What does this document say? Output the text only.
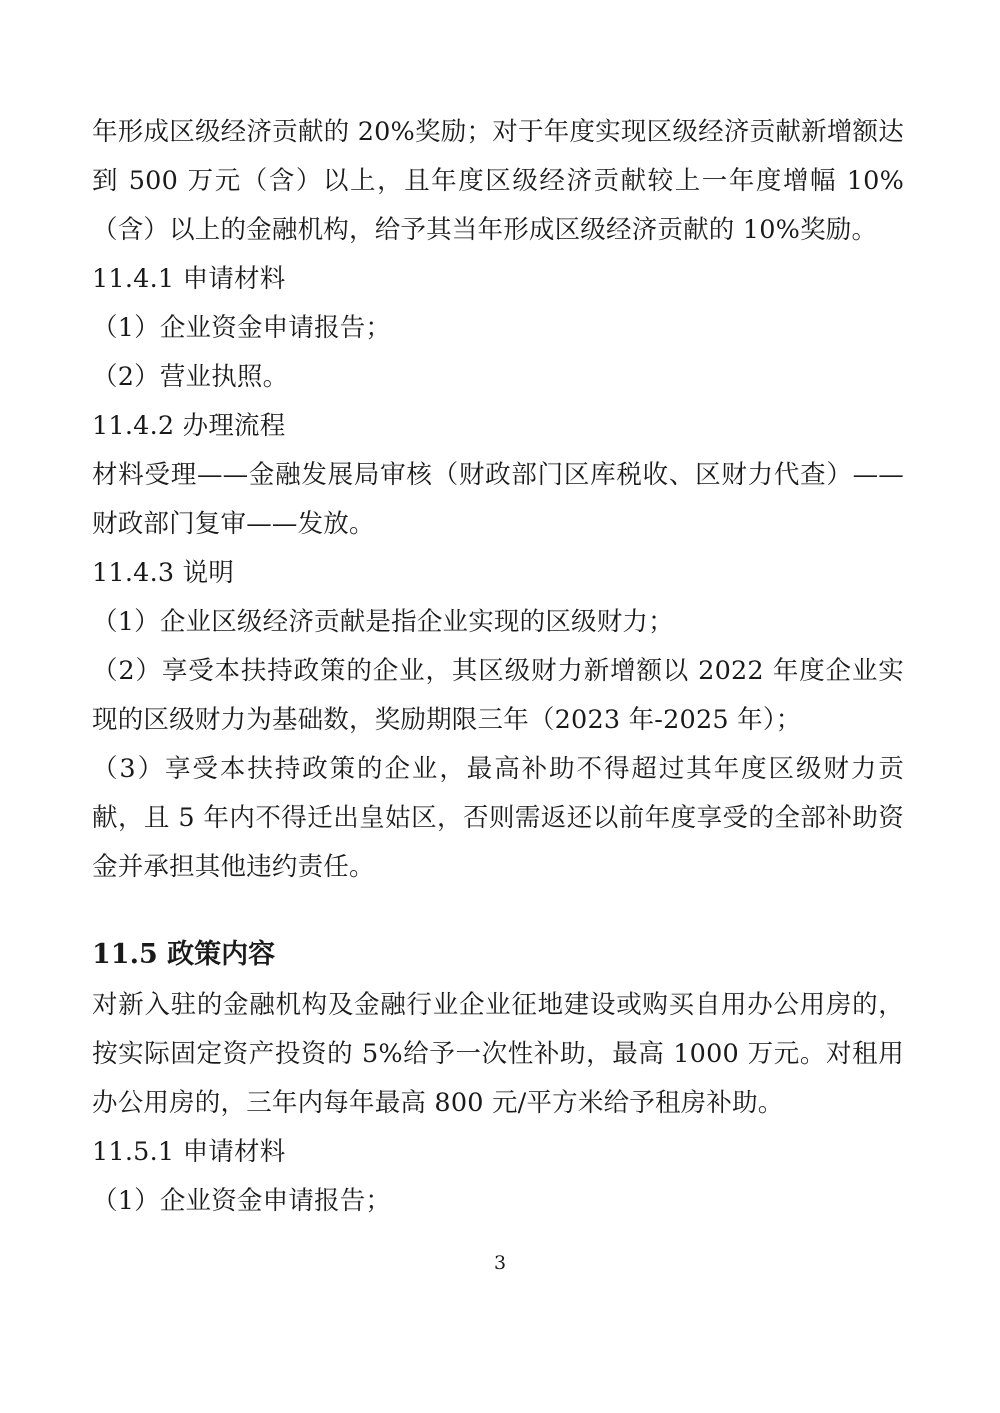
年形成区级经济贡献的 20%奖励；对于年度实现区级经济贡献新增额达到 500 万元（含）以上，且年度区级经济贡献较上一年度增幅 10%（含）以上的金融机构，给予其当年形成区级经济贡献的 10%奖励。

11.4.1 申请材料

（1）企业资金申请报告；

（2）营业执照。

11.4.2 办理流程

材料受理——金融发展局审核（财政部门区库税收、区财力代查）——财政部门复审——发放。

11.4.3 说明

（1）企业区级经济贡献是指企业实现的区级财力；

（2）享受本扶持政策的企业，其区级财力新增额以 2022 年度企业实现的区级财力为基础数，奖励期限三年（2023 年-2025 年）；

（3）享受本扶持政策的企业，最高补助不得超过其年度区级财力贡献，且 5 年内不得迁出皇姑区，否则需返还以前年度享受的全部补助资金并承担其他违约责任。

11.5 政策内容

对新入驻的金融机构及金融行业企业征地建设或购买自用办公用房的，按实际固定资产投资的 5%给予一次性补助，最高 1000 万元。对租用办公用房的，三年内每年最高 800 元/平方米给予租房补助。

11.5.1 申请材料

（1）企业资金申请报告；

3
